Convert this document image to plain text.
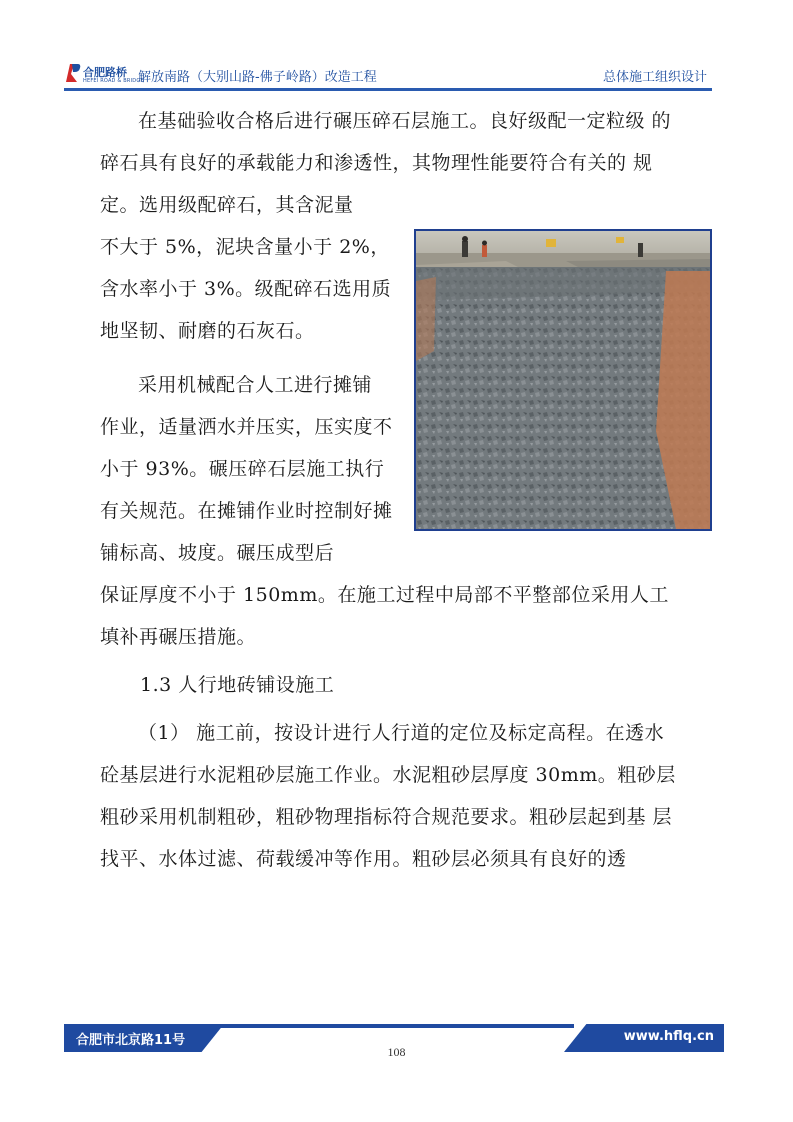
合肥路桥
HEFEI ROAD & BRIDGE
解放南路（大别山路-佛子岭路）改造工程	总体施工组织设计
在基础验收合格后进行碾压碎石层施工。良好级配一定粒级 的
碎石具有良好的承载能力和渗透性，其物理性能要符合有关的 规
定。选用级配碎石，其含泥量
不大于 5%，泥块含量小于 2%，
含水率小于 3%。级配碎石选用质
地坚韧、耐磨的石灰石。
采用机械配合人工进行摊铺
作业，适量洒水并压实，压实度不
小于 93%。碾压碎石层施工执行
有关规范。在摊铺作业时控制好摊
铺标高、坡度。碾压成型后
保证厚度不小于 150mm。在施工过程中局部不平整部位采用人工
填补再碾压措施。
1.3 人行地砖铺设施工
（1） 施工前，按设计进行人行道的定位及标定高程。在透水
砼基层进行水泥粗砂层施工作业。水泥粗砂层厚度 30mm。粗砂层
粗砂采用机制粗砂，粗砂物理指标符合规范要求。粗砂层起到基 层
找平、水体过滤、荷载缓冲等作用。粗砂层必须具有良好的透
合肥市北京路11号	www.hflq.cn
108
